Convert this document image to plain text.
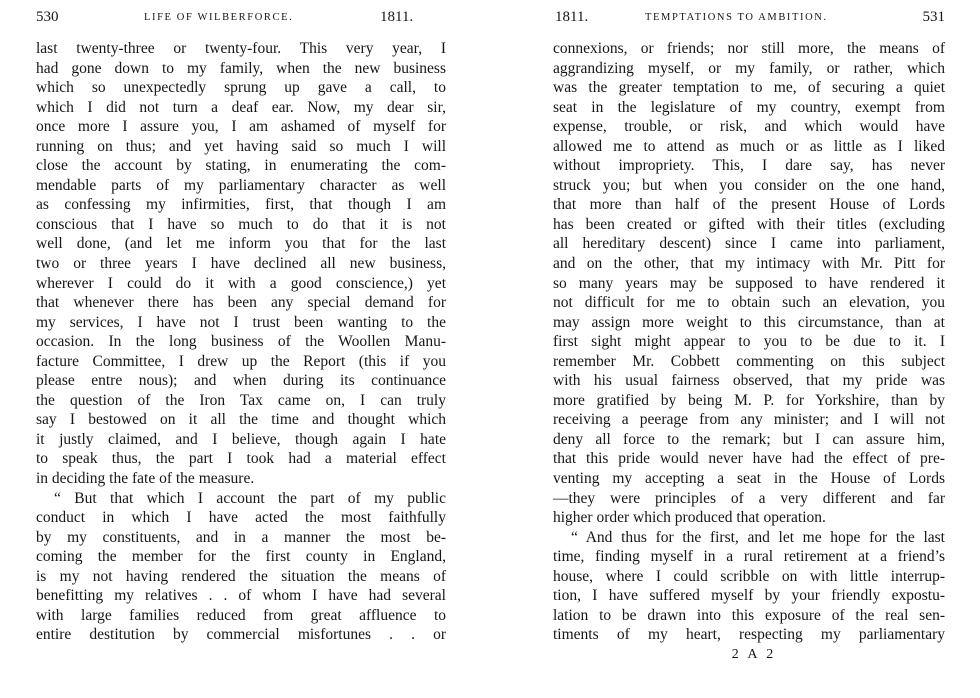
530	LIFE OF WILBERFORCE.	1811.
last twenty-three or twenty-four. This very year, I
had gone down to my family, when the new business
which so unexpectedly sprung up gave a call, to
which I did not turn a deaf ear. Now, my dear sir,
once more I assure you, I am ashamed of myself for
running on thus; and yet having said so much I will
close the account by stating, in enumerating the com-
mendable parts of my parliamentary character as well
as confessing my infirmities, first, that though I am
conscious that I have so much to do that it is not
well done, (and let me inform you that for the last
two or three years I have declined all new business,
wherever I could do it with a good conscience,) yet
that whenever there has been any special demand for
my services, I have not I trust been wanting to the
occasion. In the long business of the Woollen Manu-
facture Committee, I drew up the Report (this if you
please entre nous); and when during its continuance
the question of the Iron Tax came on, I can truly
say I bestowed on it all the time and thought which
it justly claimed, and I believe, though again I hate
to speak thus, the part I took had a material effect
in deciding the fate of the measure.
“ But that which I account the part of my public
conduct in which I have acted the most faithfully
by my constituents, and in a manner the most be-
coming the member for the first county in England,
is my not having rendered the situation the means of
benefitting my relatives . . of whom I have had several
with large families reduced from great affluence to
entire destitution by commercial misfortunes . . or
1811.	TEMPTATIONS TO AMBITION.	531
connexions, or friends; nor still more, the means of
aggrandizing myself, or my family, or rather, which
was the greater temptation to me, of securing a quiet
seat in the legislature of my country, exempt from
expense, trouble, or risk, and which would have
allowed me to attend as much or as little as I liked
without impropriety. This, I dare say, has never
struck you; but when you consider on the one hand,
that more than half of the present House of Lords
has been created or gifted with their titles (excluding
all hereditary descent) since I came into parliament,
and on the other, that my intimacy with Mr. Pitt for
so many years may be supposed to have rendered it
not difficult for me to obtain such an elevation, you
may assign more weight to this circumstance, than at
first sight might appear to you to be due to it. I
remember Mr. Cobbett commenting on this subject
with his usual fairness observed, that my pride was
more gratified by being M. P. for Yorkshire, than by
receiving a peerage from any minister; and I will not
deny all force to the remark; but I can assure him,
that this pride would never have had the effect of pre-
venting my accepting a seat in the House of Lords
—they were principles of a very different and far
higher order which produced that operation.
“ And thus for the first, and let me hope for the last
time, finding myself in a rural retirement at a friend’s
house, where I could scribble on with little interrup-
tion, I have suffered myself by your friendly expostu-
lation to be drawn into this exposure of the real sen-
timents of my heart, respecting my parliamentary
2 A 2
